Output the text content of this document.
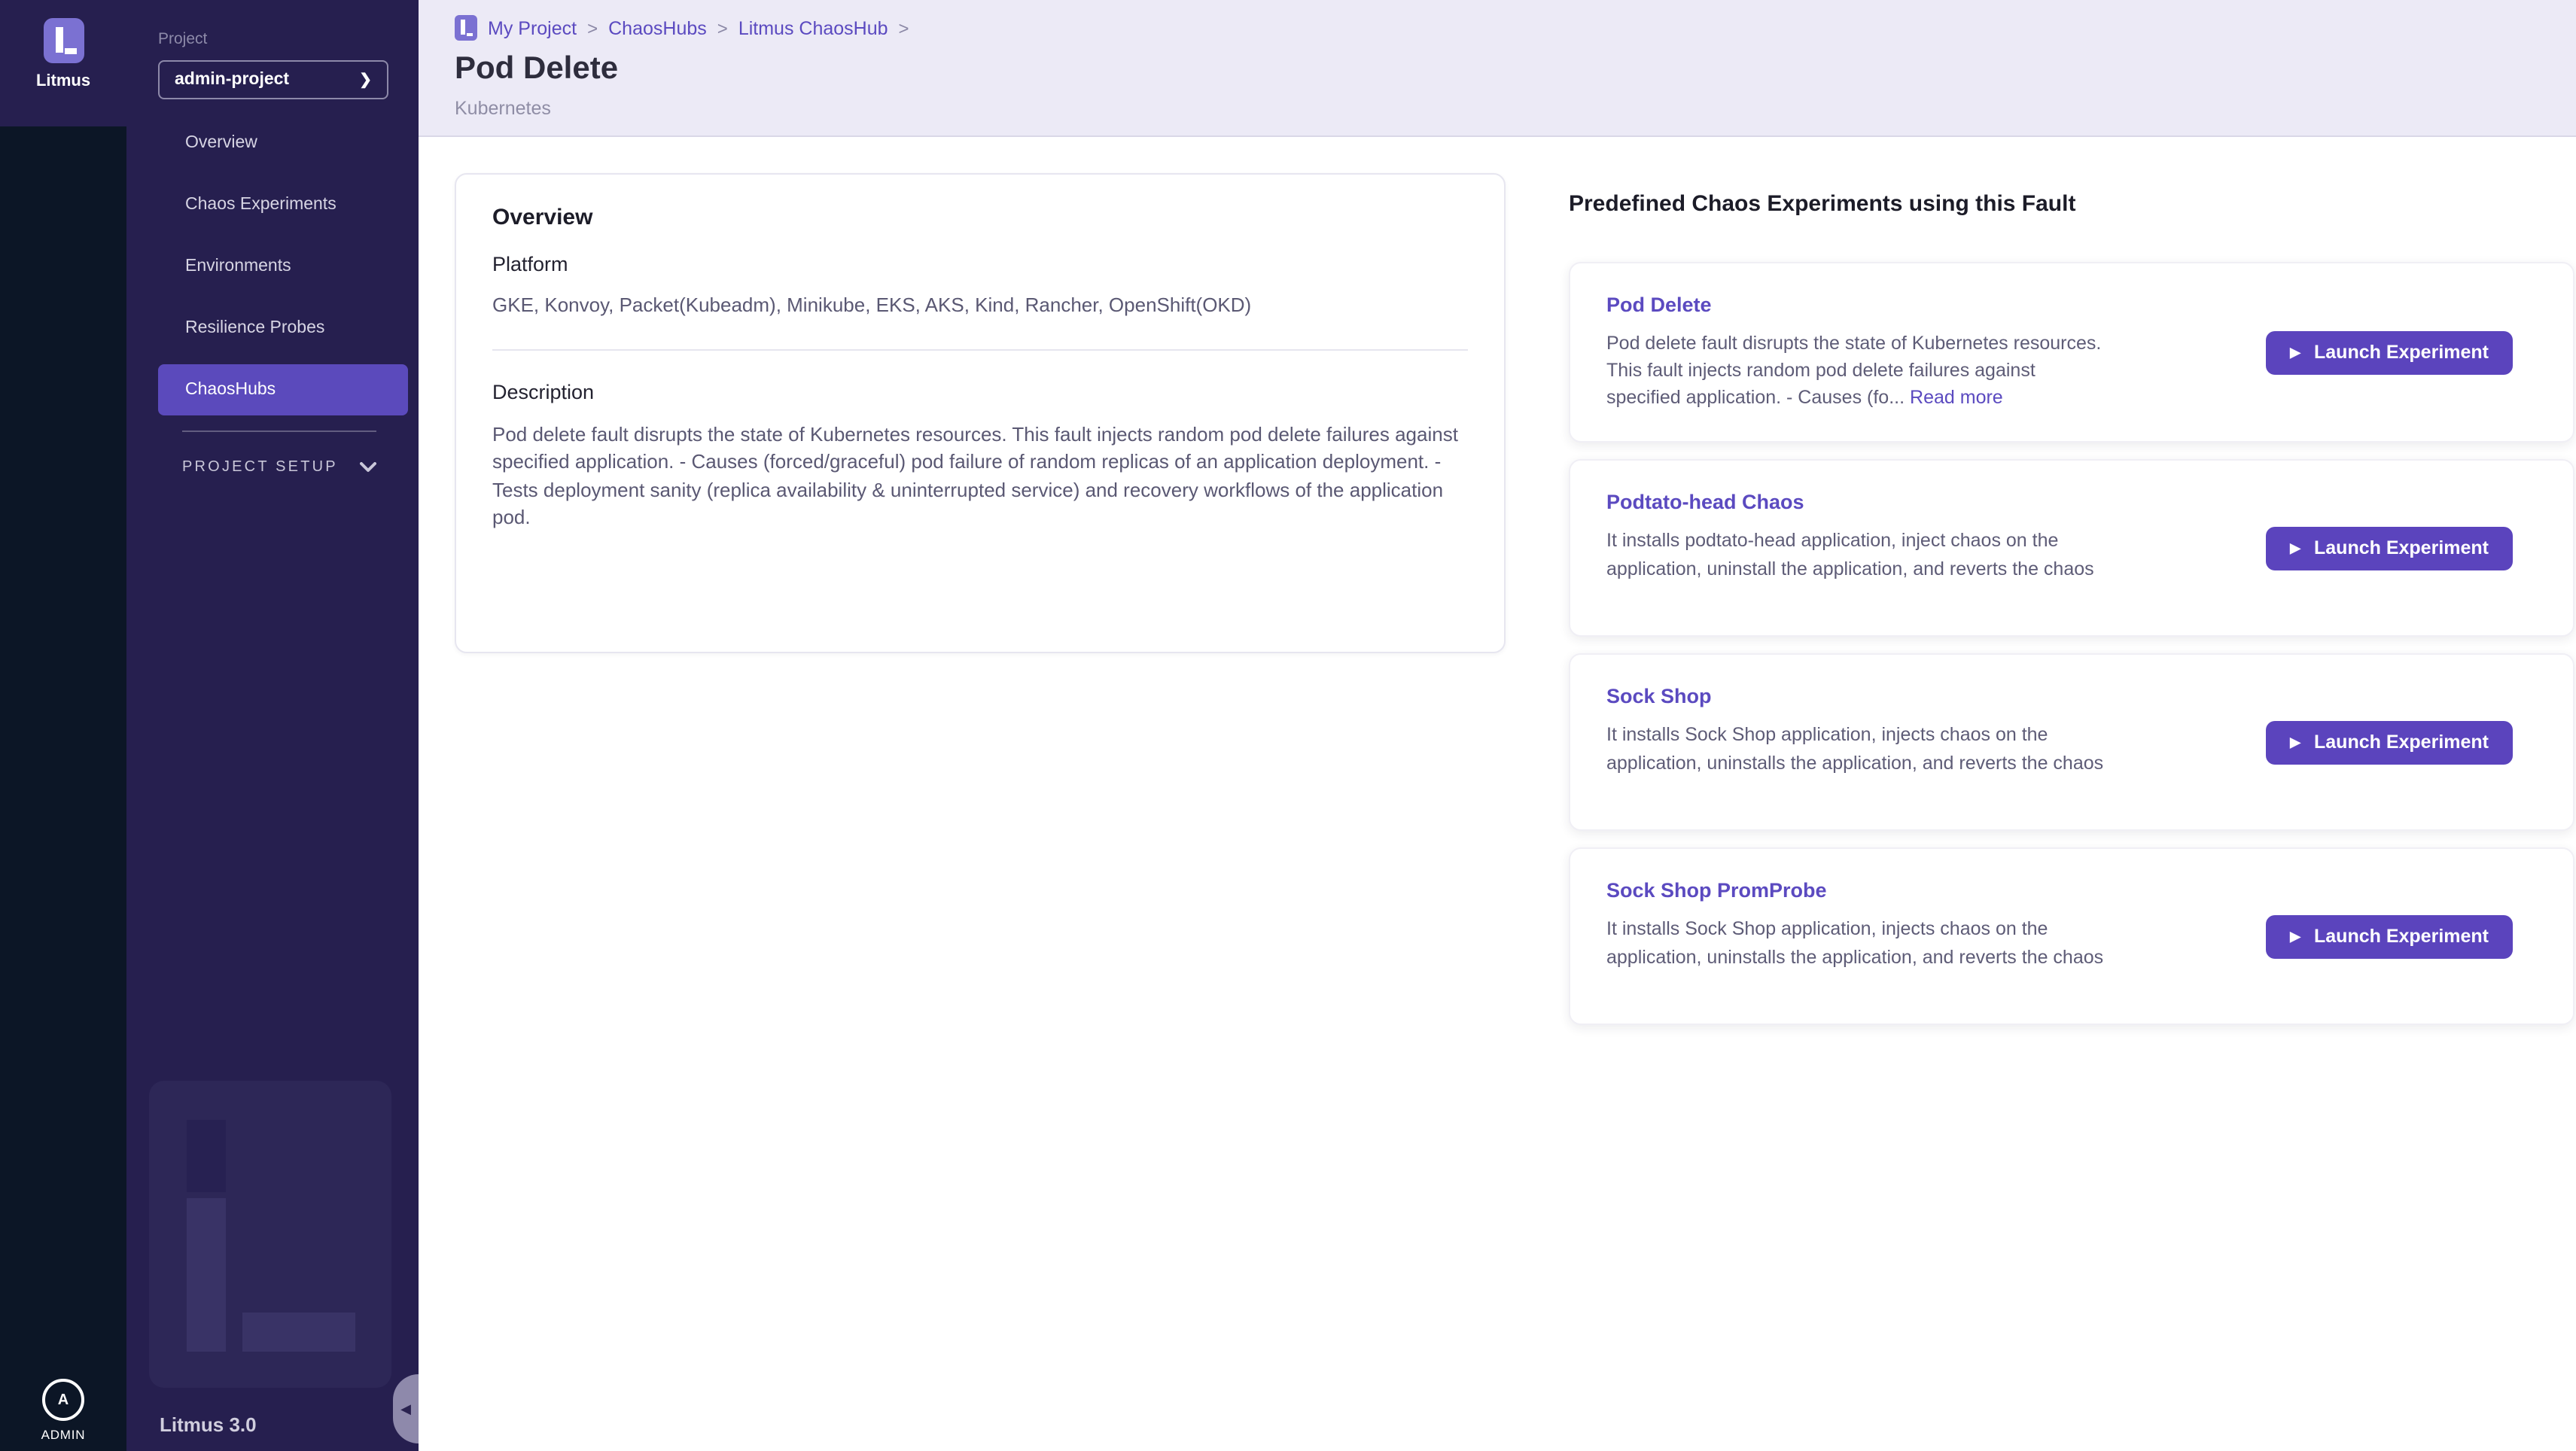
Litmus
A
ADMIN
Project
admin-project	❯
Overview
Chaos Experiments
Environments
Resilience Probes
ChaosHubs
PROJECT SETUP
Litmus 3.0
◀
My Project > ChaosHubs > Litmus ChaosHub >
Pod Delete
Kubernetes
Overview
Platform
GKE, Konvoy, Packet(Kubeadm), Minikube, EKS, AKS, Kind, Rancher, OpenShift(OKD)
Description
Pod delete fault disrupts the state of Kubernetes resources. This fault injects random pod delete failures against specified application. - Causes (forced/graceful) pod failure of random replicas of an application deployment. - Tests deployment sanity (replica availability & uninterrupted service) and recovery workflows of the application pod.
Predefined Chaos Experiments using this Fault
Pod Delete
Pod delete fault disrupts the state of Kubernetes resources. This fault injects random pod delete failures against specified application. - Causes (fo... Read more
▶ Launch Experiment
Podtato-head Chaos
It installs podtato-head application, inject chaos on the application, uninstall the application, and reverts the chaos
▶ Launch Experiment
Sock Shop
It installs Sock Shop application, injects chaos on the application, uninstalls the application, and reverts the chaos
▶ Launch Experiment
Sock Shop PromProbe
It installs Sock Shop application, injects chaos on the application, uninstalls the application, and reverts the chaos
▶ Launch Experiment
